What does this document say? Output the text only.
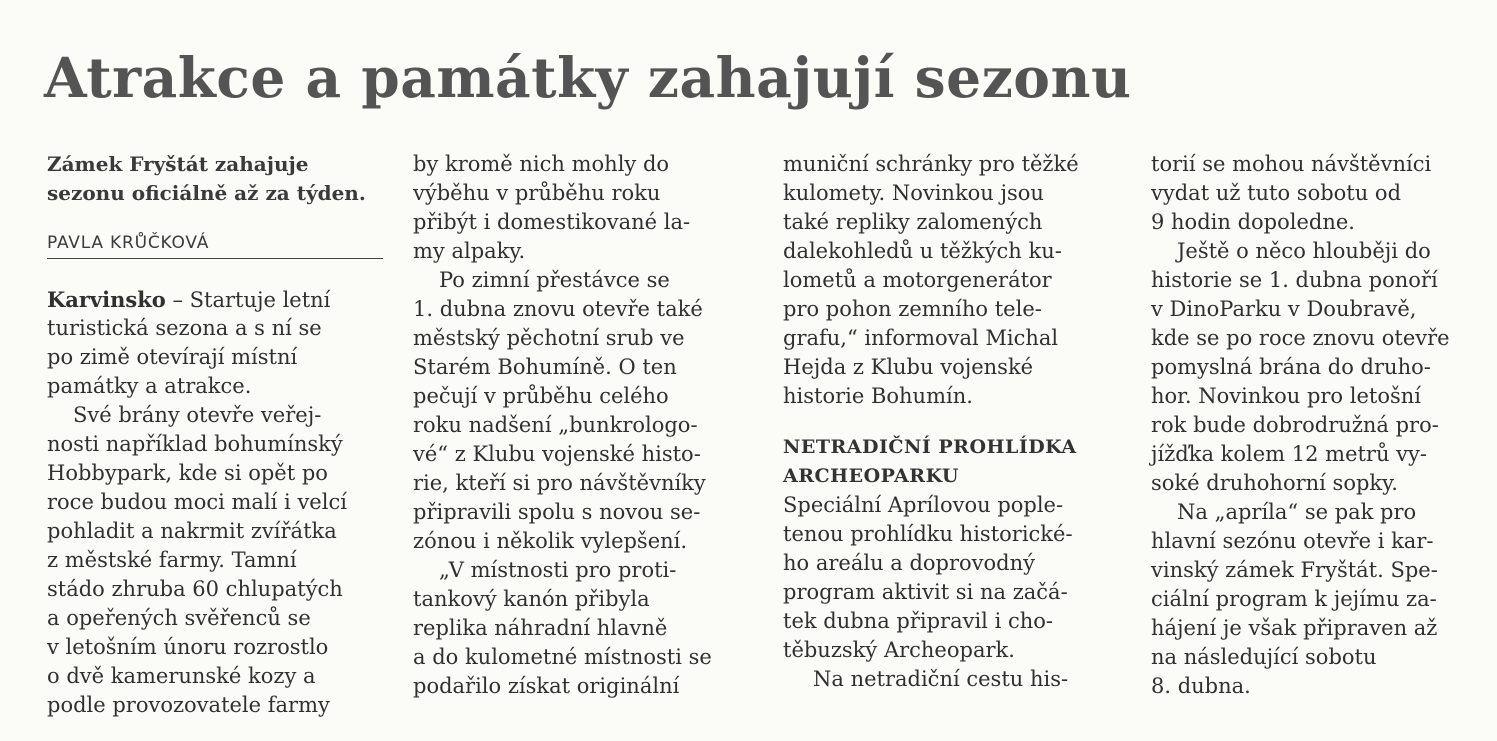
Atrakce a památky zahajují sezonu
Zámek Fryštát zahajuje
sezonu oficiálně až za týden.
PAVLA KRŮČKOVÁ
Karvinsko – Startuje letní
turistická sezona a s ní se
po zimě otevírají místní
památky a atrakce.
Své brány otevře veřej-
nosti například bohumínský
Hobbypark, kde si opět po
roce budou moci malí i velcí
pohladit a nakrmit zvířátka
z městské farmy. Tamní
stádo zhruba 60 chlupatých
a opeřených svěřenců se
v letošním únoru rozrostlo
o dvě kamerunské kozy a
podle provozovatele farmy
by kromě nich mohly do
výběhu v průběhu roku
přibýt i domestikované la-
my alpaky.
Po zimní přestávce se
1. dubna znovu otevře také
městský pěchotní srub ve
Starém Bohumíně. O ten
pečují v průběhu celého
roku nadšení „bunkrologo-
vé“ z Klubu vojenské histo-
rie, kteří si pro návštěvníky
připravili spolu s novou se-
zónou i několik vylepšení.
„V místnosti pro proti-
tankový kanón přibyla
replika náhradní hlavně
a do kulometné místnosti se
podařilo získat originální
muniční schránky pro těžké
kulomety. Novinkou jsou
také repliky zalomených
dalekohledů u těžkých ku-
lometů a motorgenerátor
pro pohon zemního tele-
grafu,“ informoval Michal
Hejda z Klubu vojenské
historie Bohumín.
NETRADIČNÍ PROHLÍDKA
ARCHEOPARKU
Speciální Aprílovou pople-
tenou prohlídku historické-
ho areálu a doprovodný
program aktivit si na začá-
tek dubna připravil i cho-
těbuzský Archeopark.
Na netradiční cestu his-
torií se mohou návštěvníci
vydat už tuto sobotu od
9 hodin dopoledne.
Ještě o něco hlouběji do
historie se 1. dubna ponoří
v DinoParku v Doubravě,
kde se po roce znovu otevře
pomyslná brána do druho-
hor. Novinkou pro letošní
rok bude dobrodružná pro-
jížďka kolem 12 metrů vy-
soké druhohorní sopky.
Na „apríla“ se pak pro
hlavní sezónu otevře i kar-
vinský zámek Fryštát. Spe-
ciální program k jejímu za-
hájení je však připraven až
na následující sobotu
8. dubna.
